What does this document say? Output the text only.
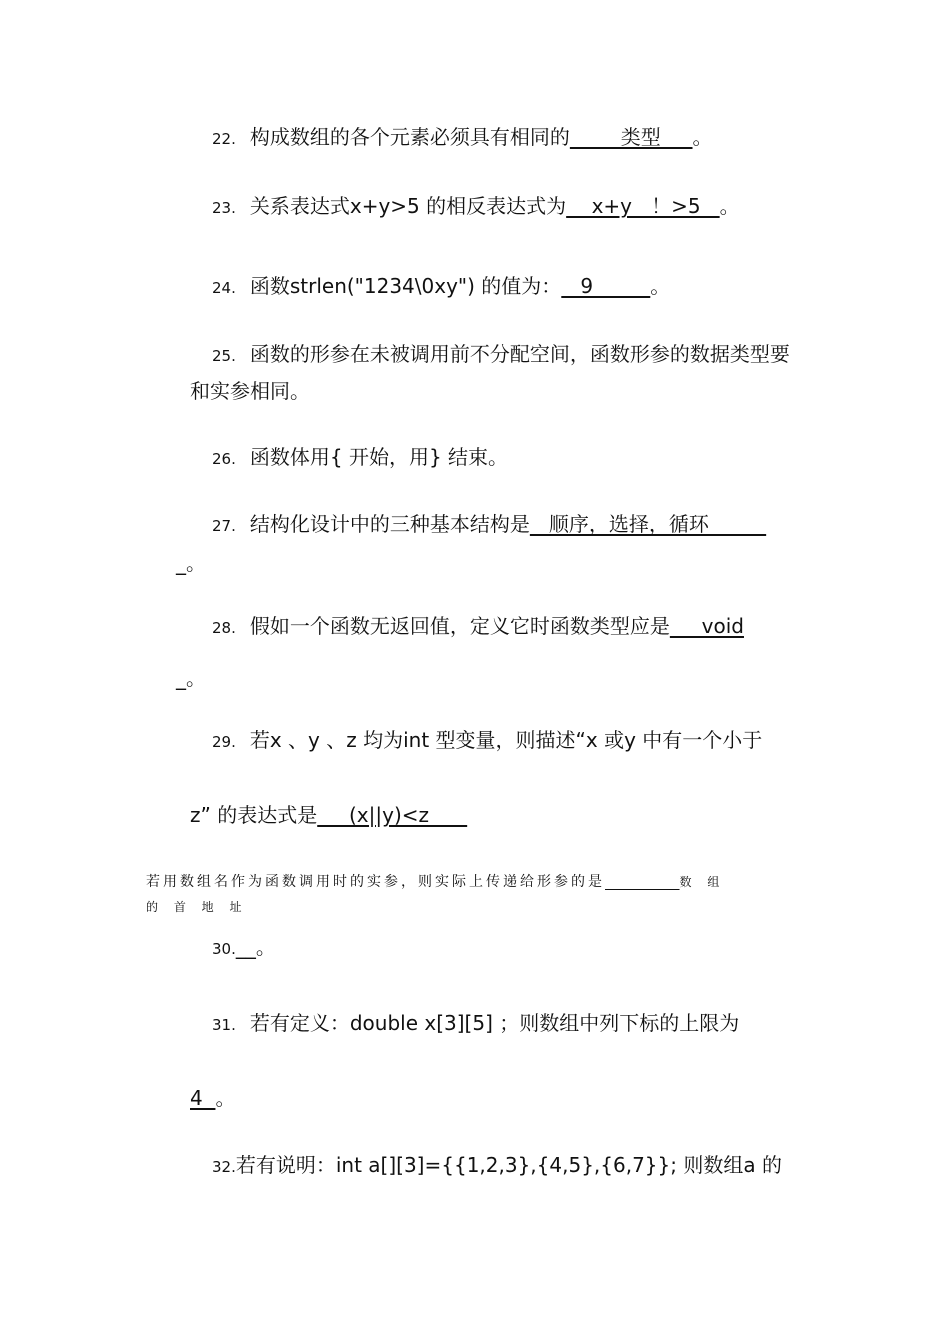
22. 构成数组的各个元素必须具有相同的        类型     。
23. 关系表达式x+y>5 的相反表达式为    x+y   ！>5   。
24. 函数strlen("1234\0xy") 的值为：   9         。
25. 函数的形参在未被调用前不分配空间，函数形参的数据类型要
和实参相同。
26. 函数体用{ 开始，用} 结束。
27. 结构化设计中的三种基本结构是   顺序，选择，循环
_。
28. 假如一个函数无返回值，定义它时函数类型应是     void
_。
29. 若x 、y 、z 均为int 型变量，则描述“x 或y 中有一个小于
z” 的表达式是     (x||y)<z
若用数组名作为函数调用时的实参，则实际上传递给形参的是	数 组
的 首 地 址
30.__。
31. 若有定义：double x[3][5] ；则数组中列下标的上限为
4  。
32.若有说明：int a[][3]={{1,2,3},{4,5},{6,7}}; 则数组a 的
